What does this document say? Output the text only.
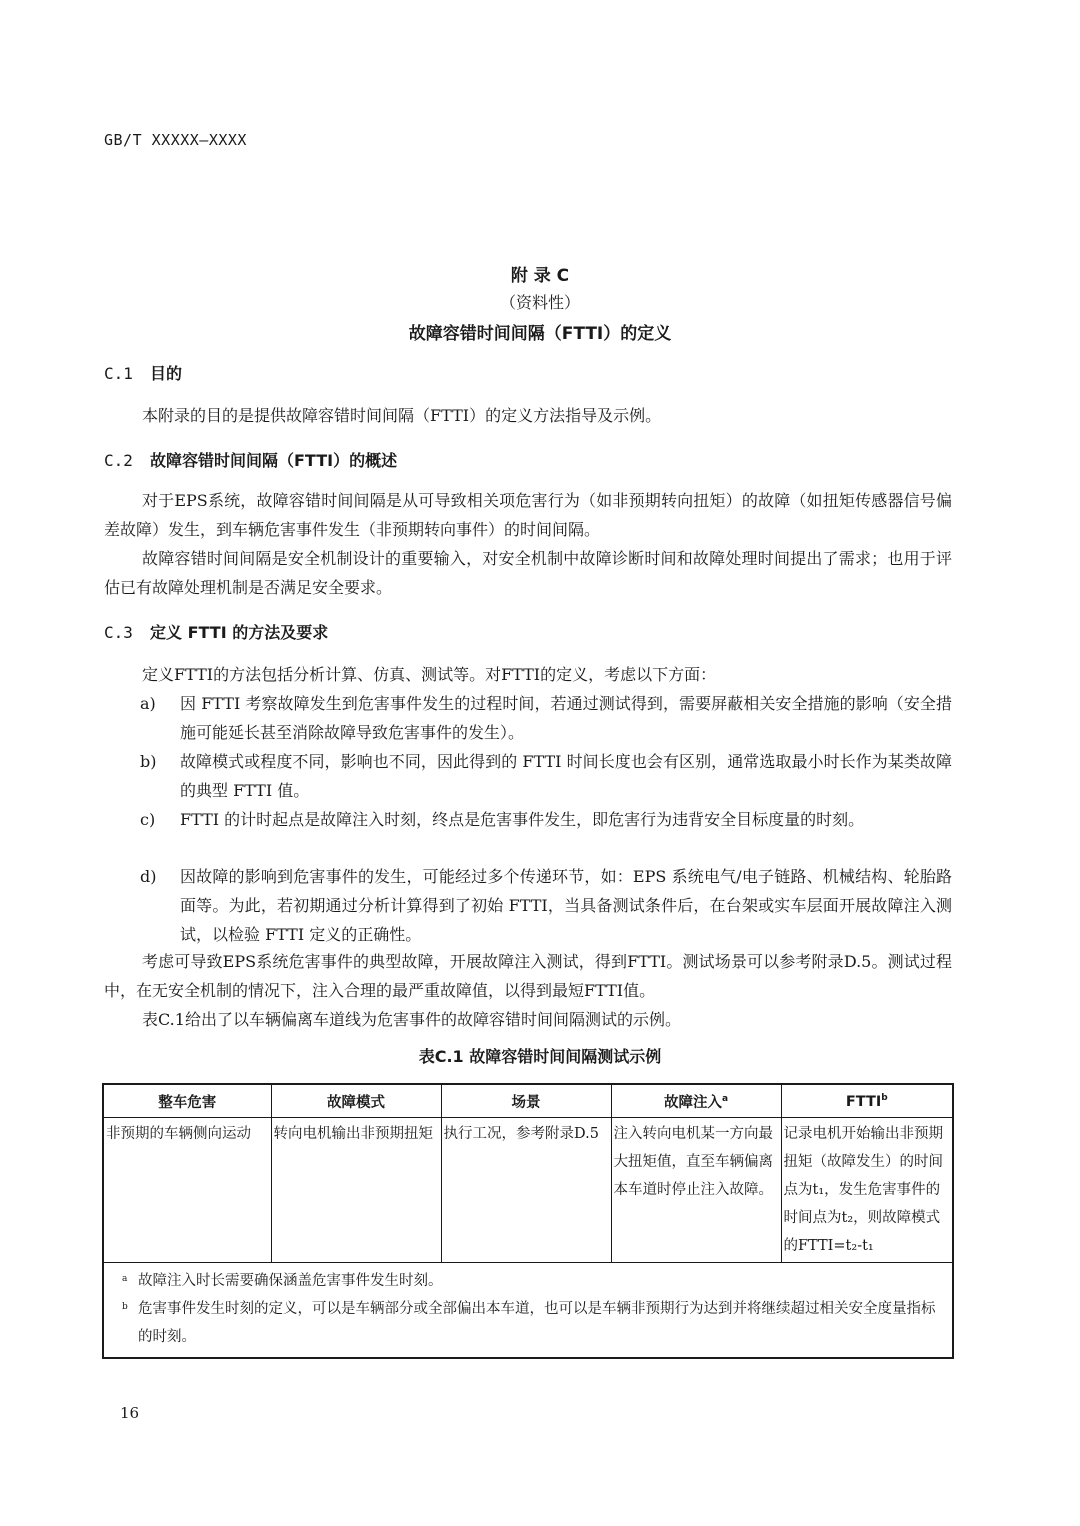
GB/T XXXXX—XXXX
附 录 C
（资料性）
故障容错时间间隔（FTTI）的定义
C.1 目的
本附录的目的是提供故障容错时间间隔（FTTI）的定义方法指导及示例。
C.2 故障容错时间间隔（FTTI）的概述
对于EPS系统，故障容错时间间隔是从可导致相关项危害行为（如非预期转向扭矩）的故障（如扭矩传感器信号偏差故障）发生，到车辆危害事件发生（非预期转向事件）的时间间隔。
故障容错时间间隔是安全机制设计的重要输入，对安全机制中故障诊断时间和故障处理时间提出了需求；也用于评估已有故障处理机制是否满足安全要求。
C.3 定义 FTTI 的方法及要求
定义FTTI的方法包括分析计算、仿真、测试等。对FTTI的定义，考虑以下方面：
a) 因 FTTI 考察故障发生到危害事件发生的过程时间，若通过测试得到，需要屏蔽相关安全措施的影响（安全措施可能延长甚至消除故障导致危害事件的发生）。
b) 故障模式或程度不同，影响也不同，因此得到的 FTTI 时间长度也会有区别，通常选取最小时长作为某类故障的典型 FTTI 值。
c) FTTI 的计时起点是故障注入时刻，终点是危害事件发生，即危害行为违背安全目标度量的时刻。
d) 因故障的影响到危害事件的发生，可能经过多个传递环节，如：EPS 系统电气/电子链路、机械结构、轮胎路面等。为此，若初期通过分析计算得到了初始 FTTI，当具备测试条件后，在台架或实车层面开展故障注入测试，以检验 FTTI 定义的正确性。
考虑可导致EPS系统危害事件的典型故障，开展故障注入测试，得到FTTI。测试场景可以参考附录D.5。测试过程中，在无安全机制的情况下，注入合理的最严重故障值，以得到最短FTTI值。
表C.1给出了以车辆偏离车道线为危害事件的故障容错时间间隔测试的示例。
表C.1 故障容错时间间隔测试示例
整车危害	故障模式	场景	故障注入$^a$	FTTI$^b$
非预期的车辆侧向运动	转向电机输出非预期扭矩	执行工况，参考附录D.5	注入转向电机某一方向最大扭矩值，直至车辆偏离本车道时停止注入故障。	记录电机开始输出非预期扭矩（故障发生）的时间点为t₁，发生危害事件的时间点为t₂，则故障模式的FTTI=t₂-t₁

a 故障注入时长需要确保涵盖危害事件发生时刻。
b 危害事件发生时刻的定义，可以是车辆部分或全部偏出本车道，也可以是车辆非预期行为达到并将继续超过相关安全度量指标的时刻。				
16
